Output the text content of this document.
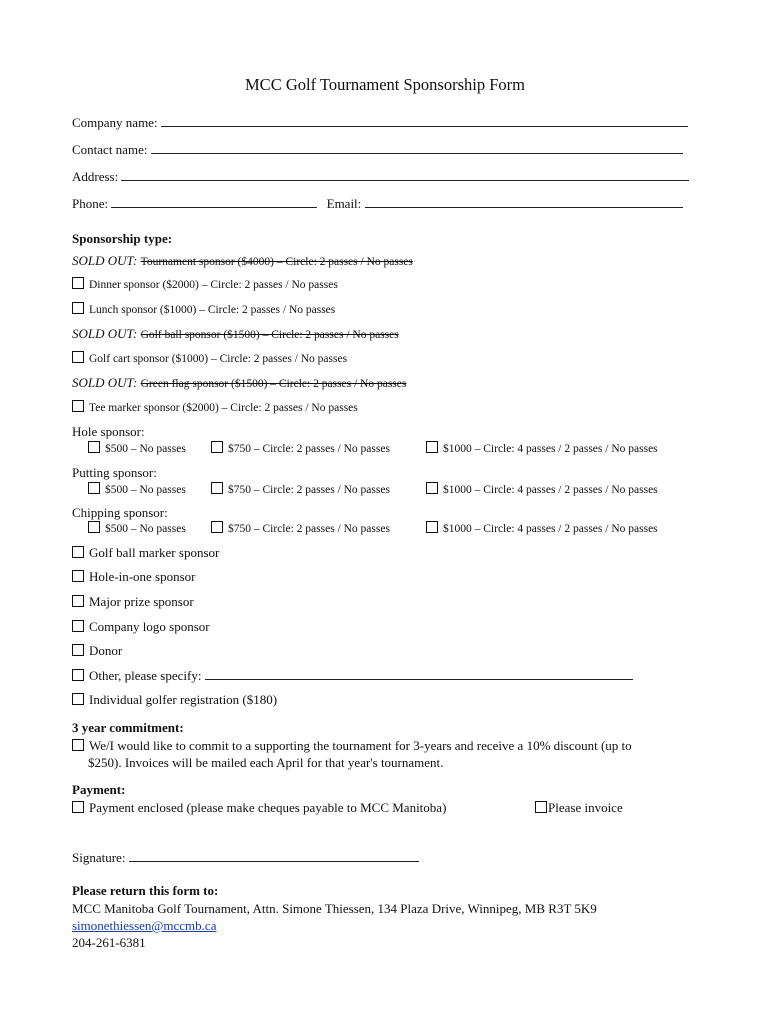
MCC Golf Tournament Sponsorship Form
Company name:
Contact name:
Address:
Phone:	Email:
Sponsorship type:
SOLD OUT: Tournament sponsor ($4000) – Circle: 2 passes / No passes
Dinner sponsor ($2000) – Circle: 2 passes / No passes
Lunch sponsor ($1000) – Circle: 2 passes / No passes
SOLD OUT: Golf ball sponsor ($1500) – Circle: 2 passes / No passes
Golf cart sponsor ($1000) – Circle: 2 passes / No passes
SOLD OUT: Green flag sponsor ($1500) – Circle: 2 passes / No passes
Tee marker sponsor ($2000) – Circle: 2 passes / No passes
Hole sponsor:
$500 – No passes	$750 – Circle: 2 passes / No passes	$1000 – Circle: 4 passes / 2 passes / No passes
Putting sponsor:
$500 – No passes	$750 – Circle: 2 passes / No passes	$1000 – Circle: 4 passes / 2 passes / No passes
Chipping sponsor:
$500 – No passes	$750 – Circle: 2 passes / No passes	$1000 – Circle: 4 passes / 2 passes / No passes
Golf ball marker sponsor
Hole-in-one sponsor
Major prize sponsor
Company logo sponsor
Donor
Other, please specify:
Individual golfer registration ($180)
3 year commitment:
We/I would like to commit to a supporting the tournament for 3-years and receive a 10% discount (up to
$250). Invoices will be mailed each April for that year's tournament.
Payment:
Payment enclosed (please make cheques payable to MCC Manitoba)	Please invoice
Signature:
Please return this form to:
MCC Manitoba Golf Tournament, Attn. Simone Thiessen, 134 Plaza Drive, Winnipeg, MB R3T 5K9
simonethiessen@mccmb.ca
204-261-6381
